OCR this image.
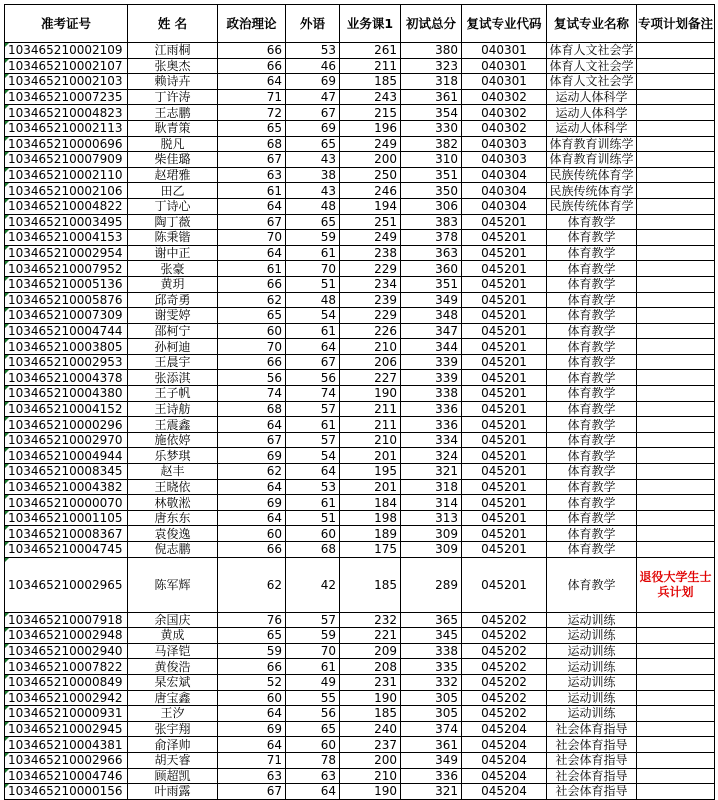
准考证号	姓 名	政治理论	外语	业务课1	初试总分	复试专业代码	复试专业名称	专项计划备注
103465210002109	江雨桐	66	53	261	380	040301	体育人文社会学	
103465210002107	张奥杰	66	46	211	323	040301	体育人文社会学	
103465210002103	赖诗卉	64	69	185	318	040301	体育人文社会学	
103465210007235	丁许涛	71	47	243	361	040302	运动人体科学	
103465210004823	王志鹏	72	67	215	354	040302	运动人体科学	
103465210002113	耿青策	65	69	196	330	040302	运动人体科学	
103465210000696	脱凡	68	65	249	382	040303	体育教育训练学	
103465210007909	柴佳璐	67	43	200	310	040303	体育教育训练学	
103465210002110	赵珺雅	63	38	250	351	040304	民族传统体育学	
103465210002106	田乙	61	43	246	350	040304	民族传统体育学	
103465210004822	丁诗心	64	48	194	306	040304	民族传统体育学	
103465210003495	陶丁薇	67	65	251	383	045201	体育教学	
103465210004153	陈秉锴	70	59	249	378	045201	体育教学	
103465210002954	谢中正	64	61	238	363	045201	体育教学	
103465210007952	张豪	61	70	229	360	045201	体育教学	
103465210005136	黄玥	66	51	234	351	045201	体育教学	
103465210005876	邱奇勇	62	48	239	349	045201	体育教学	
103465210007309	谢雯婷	65	54	229	348	045201	体育教学	
103465210004744	邵柯宁	60	61	226	347	045201	体育教学	
103465210003805	孙柯迪	70	64	210	344	045201	体育教学	
103465210002953	王晨宇	66	67	206	339	045201	体育教学	
103465210004378	张添淇	56	56	227	339	045201	体育教学	
103465210004380	王子帆	74	74	190	338	045201	体育教学	
103465210004152	王诗舫	68	57	211	336	045201	体育教学	
103465210000296	王震鑫	64	61	211	336	045201	体育教学	
103465210002970	施依婷	67	57	210	334	045201	体育教学	
103465210004944	乐梦琪	69	54	201	324	045201	体育教学	
103465210008345	赵丰	62	64	195	321	045201	体育教学	
103465210004382	王晓依	64	53	201	318	045201	体育教学	
103465210000070	林敬淞	69	61	184	314	045201	体育教学	
103465210001105	唐东东	64	51	198	313	045201	体育教学	
103465210008367	袁俊逸	60	60	189	309	045201	体育教学	
103465210004745	倪志鹏	66	68	175	309	045201	体育教学	
103465210002965	陈军辉	62	42	185	289	045201	体育教学	退役大学生士兵计划
103465210007918	余国庆	76	57	232	365	045202	运动训练	
103465210002948	黄成	65	59	221	345	045202	运动训练	
103465210002940	马泽铠	59	70	209	338	045202	运动训练	
103465210007822	黄俊浩	66	61	208	335	045202	运动训练	
103465210000849	杲宏斌	52	49	231	332	045202	运动训练	
103465210002942	唐宝鑫	60	55	190	305	045202	运动训练	
103465210000931	王汐	64	56	185	305	045202	运动训练	
103465210002945	张宇翔	69	65	240	374	045204	社会体育指导	
103465210004381	俞泽帅	64	60	237	361	045204	社会体育指导	
103465210002966	胡天睿	71	78	200	349	045204	社会体育指导	
103465210004746	顾超凯	63	63	210	336	045204	社会体育指导	
103465210000156	叶雨露	67	64	190	321	045204	社会体育指导	
